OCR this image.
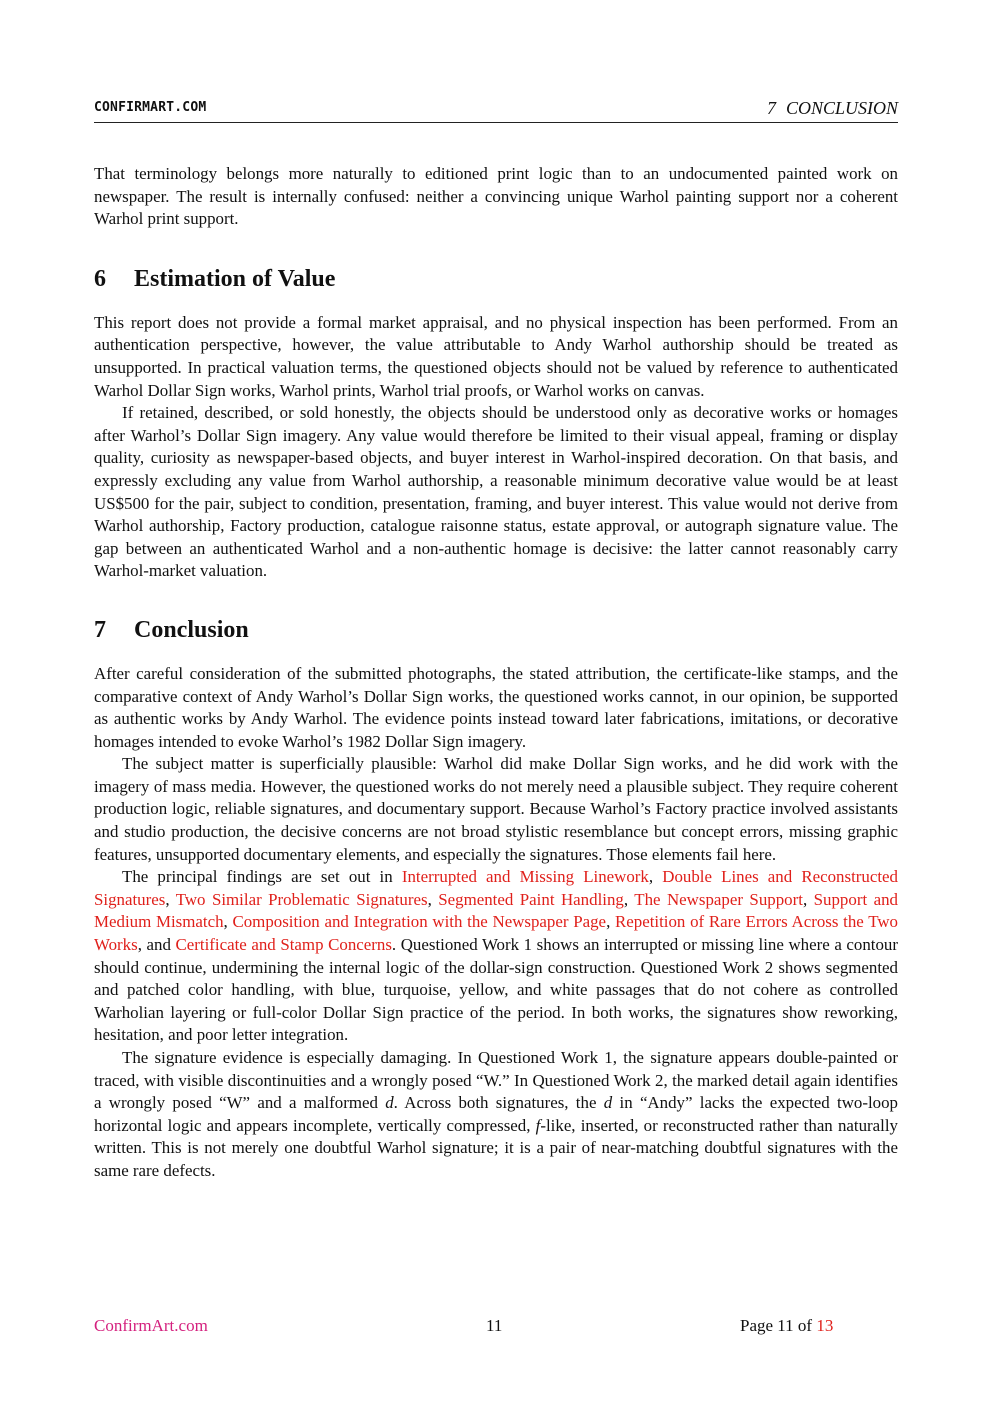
CONFIRMART.COM	7 CONCLUSION

That terminology belongs more naturally to editioned print logic than to an undocumented painted work on newspaper. The result is internally confused: neither a convincing unique Warhol painting support nor a coherent Warhol print support.

6 Estimation of Value

This report does not provide a formal market appraisal, and no physical inspection has been performed. From an authentication perspective, however, the value attributable to Andy Warhol authorship should be treated as unsupported. In practical valuation terms, the questioned objects should not be valued by reference to authenticated Warhol Dollar Sign works, Warhol prints, Warhol trial proofs, or Warhol works on canvas.

If retained, described, or sold honestly, the objects should be understood only as decorative works or homages after Warhol’s Dollar Sign imagery. Any value would therefore be limited to their visual appeal, framing or display quality, curiosity as newspaper-based objects, and buyer interest in Warhol-inspired decoration. On that basis, and expressly excluding any value from Warhol authorship, a reasonable minimum decorative value would be at least US$500 for the pair, subject to condition, presentation, framing, and buyer interest. This value would not derive from Warhol authorship, Factory production, catalogue raisonne status, estate approval, or autograph signature value. The gap between an authenticated Warhol and a non-authentic homage is decisive: the latter cannot reasonably carry Warhol-market valuation.

7 Conclusion

After careful consideration of the submitted photographs, the stated attribution, the certificate-like stamps, and the comparative context of Andy Warhol’s Dollar Sign works, the questioned works cannot, in our opinion, be supported as authentic works by Andy Warhol. The evidence points instead toward later fabrications, imitations, or decorative homages intended to evoke Warhol’s 1982 Dollar Sign imagery.

The subject matter is superficially plausible: Warhol did make Dollar Sign works, and he did work with the imagery of mass media. However, the questioned works do not merely need a plausible subject. They require coherent production logic, reliable signatures, and documentary support. Because Warhol’s Factory practice involved assistants and studio production, the decisive concerns are not broad stylistic resemblance but concept errors, missing graphic features, unsupported documentary elements, and especially the signatures. Those elements fail here.

The principal findings are set out in Interrupted and Missing Linework, Double Lines and Reconstructed Signatures, Two Similar Problematic Signatures, Segmented Paint Handling, The Newspaper Support, Support and Medium Mismatch, Composition and Integration with the Newspaper Page, Repetition of Rare Errors Across the Two Works, and Certificate and Stamp Concerns. Questioned Work 1 shows an interrupted or missing line where a contour should continue, undermining the internal logic of the dollar-sign construction. Questioned Work 2 shows segmented and patched color handling, with blue, turquoise, yellow, and white passages that do not cohere as controlled Warholian layering or full-color Dollar Sign practice of the period. In both works, the signatures show reworking, hesitation, and poor letter integration.

The signature evidence is especially damaging. In Questioned Work 1, the signature appears double-painted or traced, with visible discontinuities and a wrongly posed “W.” In Questioned Work 2, the marked detail again identifies a wrongly posed “W” and a malformed d. Across both signatures, the d in “Andy” lacks the expected two-loop horizontal logic and appears incomplete, vertically compressed, f-like, inserted, or reconstructed rather than naturally written. This is not merely one doubtful Warhol signature; it is a pair of near-matching doubtful signatures with the same rare defects.

ConfirmArt.com	11	Page 11 of 13
